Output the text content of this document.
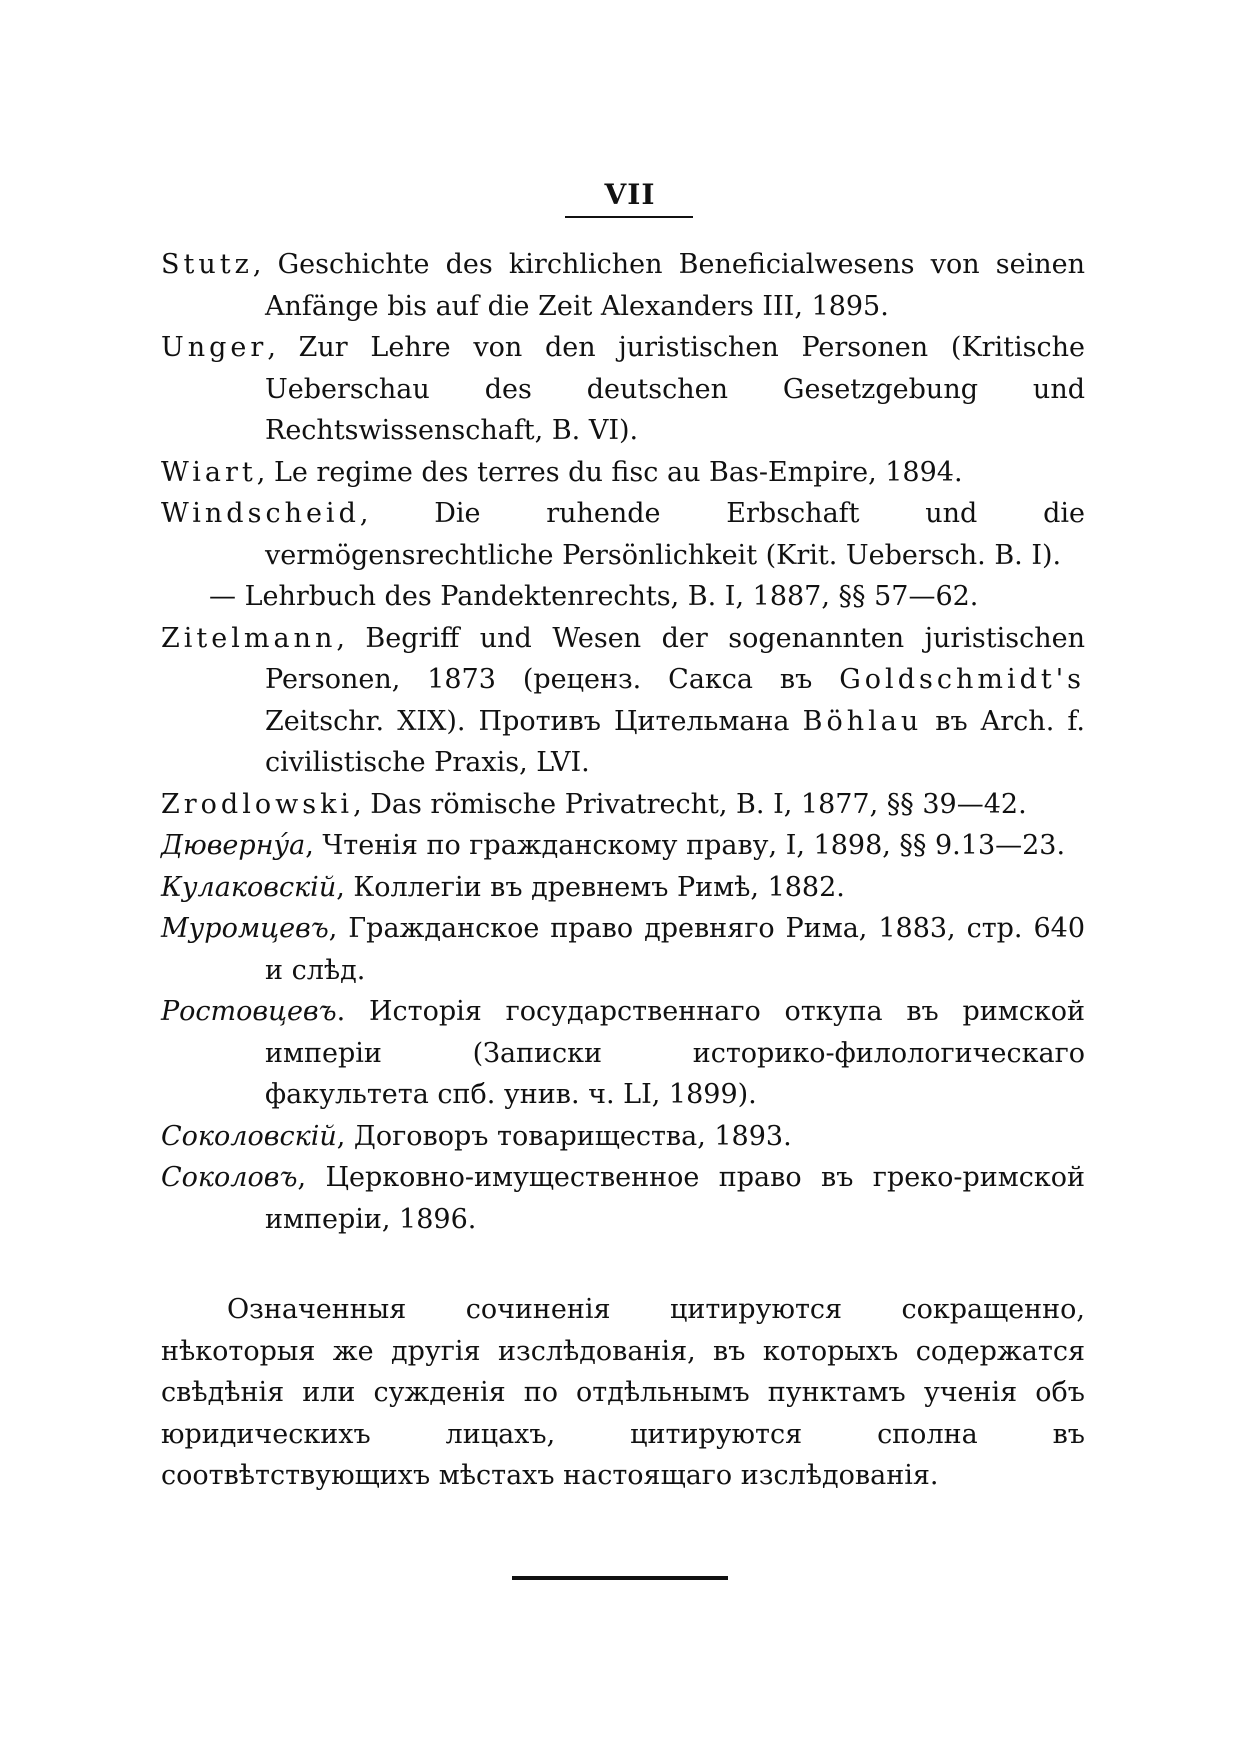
VII
Stutz, Geschichte des kirchlichen Beneficialwesens von seinen Anfänge bis auf die Zeit Alexanders III, 1895.
Unger, Zur Lehre von den juristischen Personen (Kritische Ueberschau des deutschen Gesetzgebung und Rechtswissenschaft, B. VI).
Wiart, Le regime des terres du fisc au Bas-Empire, 1894.
Windscheid, Die ruhende Erbschaft und die vermögensrechtliche Persönlichkeit (Krit. Uebersch. B. I).
— Lehrbuch des Pandektenrechts, B. I, 1887, §§ 57—62.
Zitelmann, Begriff und Wesen der sogenannten juristischen Personen, 1873 (реценз. Сакса въ Goldschmidt's Zeitschr. XIX). Противъ Цительмана Böhlau въ Arch. f. civilistische Praxis, LVI.
Zrodlowski, Das römische Privatrecht, B. I, 1877, §§ 39—42.
Дюверну́а, Чтенія по гражданскому праву, I, 1898, §§ 9.13—23.
Кулаковскій, Коллегіи въ древнемъ Римѣ, 1882.
Муромцевъ, Гражданское право древняго Рима, 1883, стр. 640 и слѣд.
Ростовцевъ. Исторія государственнаго откупа въ римской имперіи (Записки историко-филологическаго факультета спб. унив. ч. LI, 1899).
Соколовскій, Договоръ товарищества, 1893.
Соколовъ, Церковно-имущественное право въ греко-римской имперіи, 1896.

Означенныя сочиненія цитируются сокращенно, нѣкоторыя же другія изслѣдованія, въ которыхъ содержатся свѣдѣнія или сужденія по отдѣльнымъ пунктамъ ученія объ юридическихъ лицахъ, цитируются сполна въ соотвѣтствующихъ мѣстахъ настоящаго изслѣдованія.
